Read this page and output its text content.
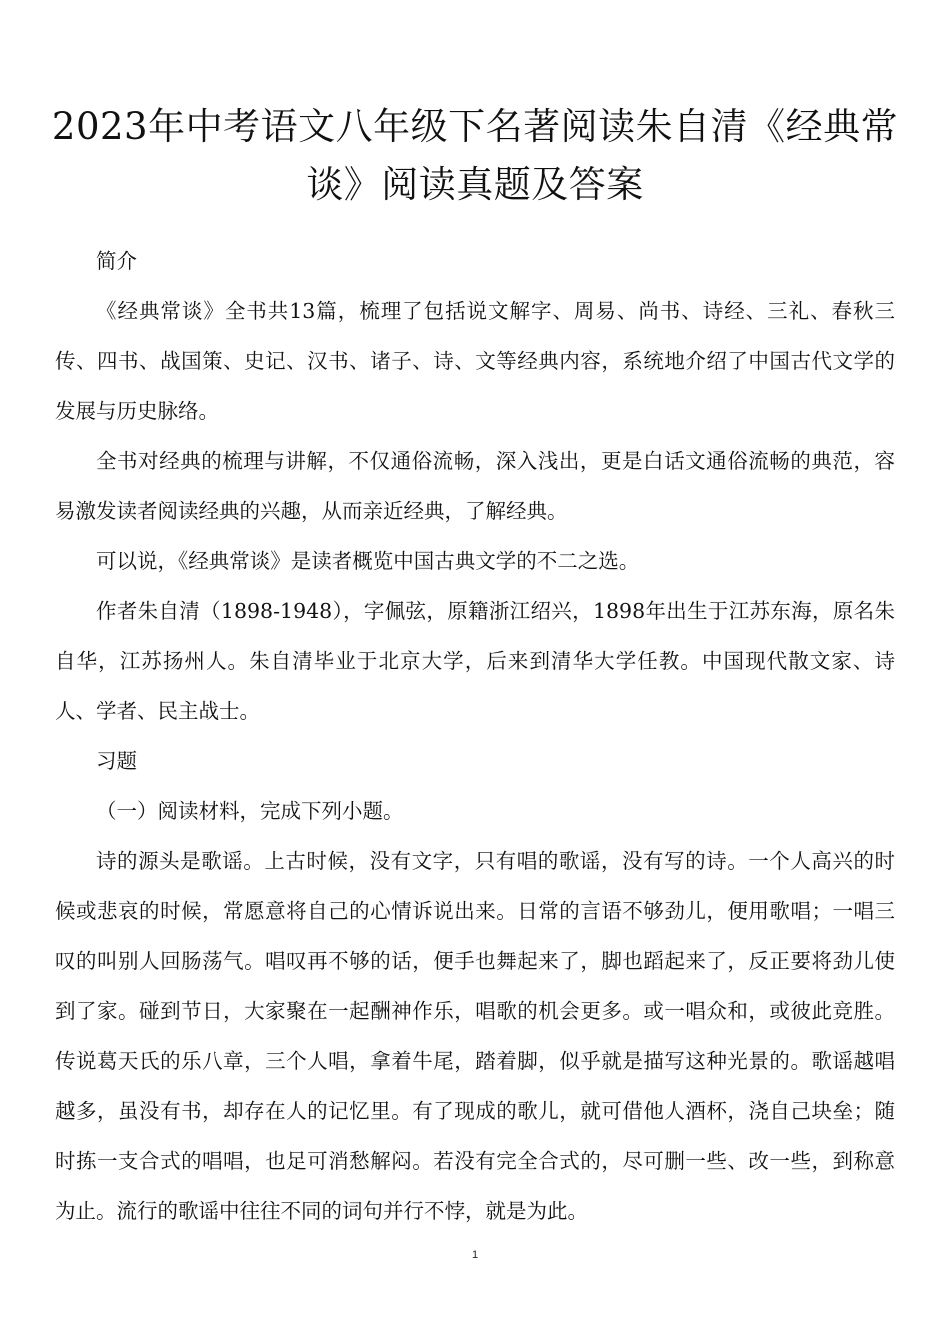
2023年中考语文八年级下名著阅读朱自清《经典常谈》阅读真题及答案

简介

《经典常谈》全书共13篇，梳理了包括说文解字、周易、尚书、诗经、三礼、春秋三传、四书、战国策、史记、汉书、诸子、诗、文等经典内容，系统地介绍了中国古代文学的发展与历史脉络。

全书对经典的梳理与讲解，不仅通俗流畅，深入浅出，更是白话文通俗流畅的典范，容易激发读者阅读经典的兴趣，从而亲近经典，了解经典。

可以说，《经典常谈》是读者概览中国古典文学的不二之选。

作者朱自清（1898-1948），字佩弦，原籍浙江绍兴，1898年出生于江苏东海，原名朱自华，江苏扬州人。朱自清毕业于北京大学，后来到清华大学任教。中国现代散文家、诗人、学者、民主战士。

习题

（一）阅读材料，完成下列小题。

诗的源头是歌谣。上古时候，没有文字，只有唱的歌谣，没有写的诗。一个人高兴的时候或悲哀的时候，常愿意将自己的心情诉说出来。日常的言语不够劲儿，便用歌唱；一唱三叹的叫别人回肠荡气。唱叹再不够的话，便手也舞起来了，脚也蹈起来了，反正要将劲儿使到了家。碰到节日，大家聚在一起酬神作乐，唱歌的机会更多。或一唱众和，或彼此竞胜。传说葛天氏的乐八章，三个人唱，拿着牛尾，踏着脚，似乎就是描写这种光景的。歌谣越唱越多，虽没有书，却存在人的记忆里。有了现成的歌儿，就可借他人酒杯，浇自己块垒；随时拣一支合式的唱唱，也足可消愁解闷。若没有完全合式的，尽可删一些、改一些，到称意为止。流行的歌谣中往往不同的词句并行不悖，就是为此。

1
